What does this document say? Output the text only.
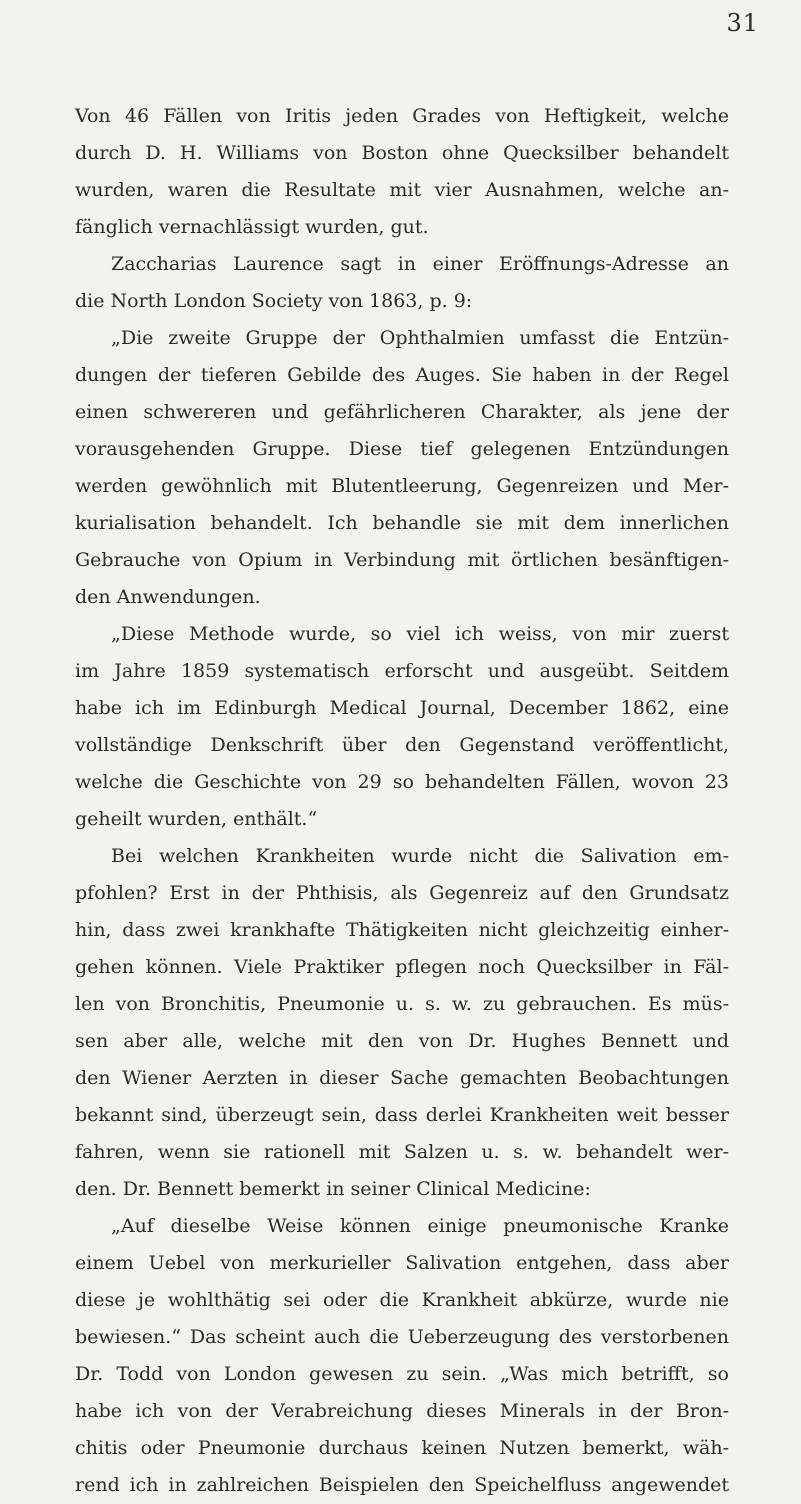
31
Von 46 Fällen von Iritis jeden Grades von Heftigkeit, welche
durch D. H. Williams von Boston ohne Quecksilber behandelt
wurden, waren die Resultate mit vier Ausnahmen, welche an-
fänglich vernachlässigt wurden, gut.
Zaccharias Laurence sagt in einer Eröffnungs-Adresse an
die North London Society von 1863, p. 9:
„Die zweite Gruppe der Ophthalmien umfasst die Entzün-
dungen der tieferen Gebilde des Auges. Sie haben in der Regel
einen schwereren und gefährlicheren Charakter, als jene der
vorausgehenden Gruppe. Diese tief gelegenen Entzündungen
werden gewöhnlich mit Blutentleerung, Gegenreizen und Mer-
kurialisation behandelt. Ich behandle sie mit dem innerlichen
Gebrauche von Opium in Verbindung mit örtlichen besänftigen-
den Anwendungen.
„Diese Methode wurde, so viel ich weiss, von mir zuerst
im Jahre 1859 systematisch erforscht und ausgeübt. Seitdem
habe ich im Edinburgh Medical Journal, December 1862, eine
vollständige Denkschrift über den Gegenstand veröffentlicht,
welche die Geschichte von 29 so behandelten Fällen, wovon 23
geheilt wurden, enthält.“
Bei welchen Krankheiten wurde nicht die Salivation em-
pfohlen? Erst in der Phthisis, als Gegenreiz auf den Grundsatz
hin, dass zwei krankhafte Thätigkeiten nicht gleichzeitig einher-
gehen können. Viele Praktiker pflegen noch Quecksilber in Fäl-
len von Bronchitis, Pneumonie u. s. w. zu gebrauchen. Es müs-
sen aber alle, welche mit den von Dr. Hughes Bennett und
den Wiener Aerzten in dieser Sache gemachten Beobachtungen
bekannt sind, überzeugt sein, dass derlei Krankheiten weit besser
fahren, wenn sie rationell mit Salzen u. s. w. behandelt wer-
den. Dr. Bennett bemerkt in seiner Clinical Medicine:
„Auf dieselbe Weise können einige pneumonische Kranke
einem Uebel von merkurieller Salivation entgehen, dass aber
diese je wohlthätig sei oder die Krankheit abkürze, wurde nie
bewiesen.“ Das scheint auch die Ueberzeugung des verstorbenen
Dr. Todd von London gewesen zu sein. „Was mich betrifft, so
habe ich von der Verabreichung dieses Minerals in der Bron-
chitis oder Pneumonie durchaus keinen Nutzen bemerkt, wäh-
rend ich in zahlreichen Beispielen den Speichelfluss angewendet
